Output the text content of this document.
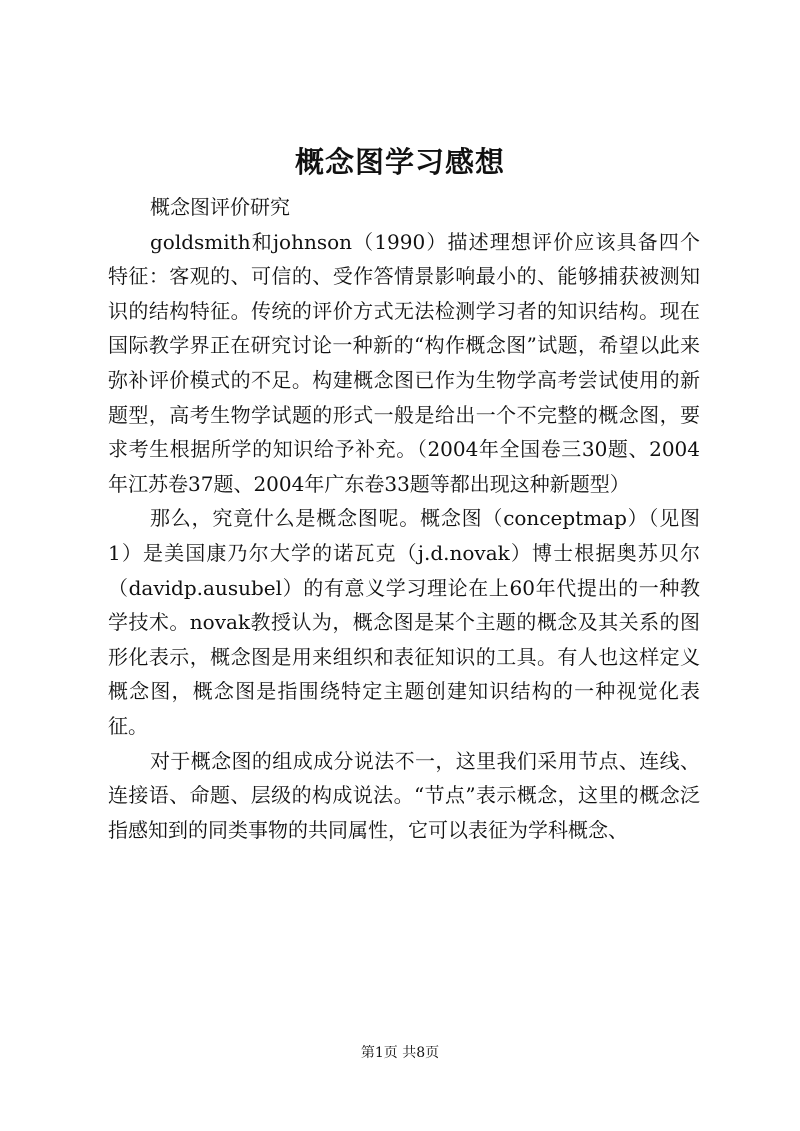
概念图学习感想

概念图评价研究

goldsmith和johnson（1990）描述理想评价应该具备四个特征：客观的、可信的、受作答情景影响最小的、能够捕获被测知识的结构特征。传统的评价方式无法检测学习者的知识结构。现在国际教学界正在研究讨论一种新的“构作概念图”试题，希望以此来弥补评价模式的不足。构建概念图已作为生物学高考尝试使用的新题型，高考生物学试题的形式一般是给出一个不完整的概念图，要求考生根据所学的知识给予补充。（2004年全国卷三30题、2004年江苏卷37题、2004年广东卷33题等都出现这种新题型）

那么，究竟什么是概念图呢。概念图（conceptmap）（见图1）是美国康乃尔大学的诺瓦克（j.d.novak）博士根据奥苏贝尔（davidp.ausubel）的有意义学习理论在上60年代提出的一种教学技术。novak教授认为，概念图是某个主题的概念及其关系的图形化表示，概念图是用来组织和表征知识的工具。有人也这样定义概念图，概念图是指围绕特定主题创建知识结构的一种视觉化表征。

对于概念图的组成成分说法不一，这里我们采用节点、连线、连接语、命题、层级的构成说法。“节点”表示概念，这里的概念泛指感知到的同类事物的共同属性，它可以表征为学科概念、

第1页 共8页
